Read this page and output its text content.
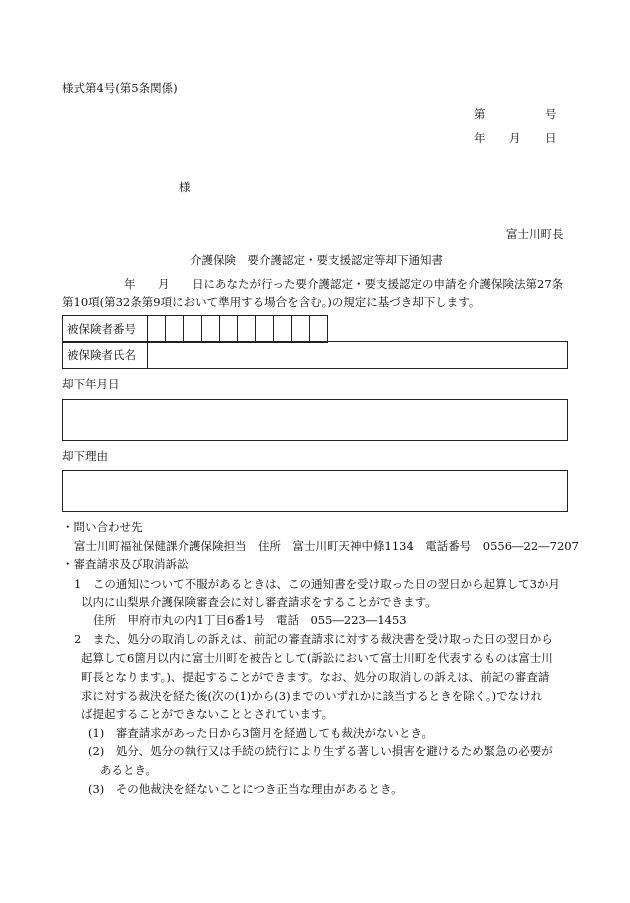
様式第4号(第5条関係)
第	号
年 月 日
様
富士川町長
介護保険　要介護認定・要支援認定等却下通知書
年 月 日にあなたが行った要介護認定・要支援認定の申請を介護保険法第27条
第10項(第32条第9項において準用する場合を含む。)の規定に基づき却下します。
被保険者番号										
被保険者氏名
却下年月日
却下理由
・問い合わせ先
富士川町福祉保健課介護保険担当　住所　富士川町天神中條1134　電話番号　0556―22―7207
・審査請求及び取消訴訟
1　この通知について不服があるときは、この通知書を受け取った日の翌日から起算して3か月
以内に山梨県介護保険審査会に対し審査請求をすることができます。
住所　甲府市丸の内1丁目6番1号　電話　055―223―1453
2　また、処分の取消しの訴えは、前記の審査請求に対する裁決書を受け取った日の翌日から
起算して6箇月以内に富士川町を被告として(訴訟において富士川町を代表するものは富士川
町長となります。)、提起することができます。なお、処分の取消しの訴えは、前記の審査請
求に対する裁決を経た後(次の(1)から(3)までのいずれかに該当するときを除く。)でなけれ
ば提起することができないこととされています。
(1)　審査請求があった日から3箇月を経過しても裁決がないとき。
(2)　処分、処分の執行又は手続の続行により生ずる著しい損害を避けるため緊急の必要が
あるとき。
(3)　その他裁決を経ないことにつき正当な理由があるとき。
